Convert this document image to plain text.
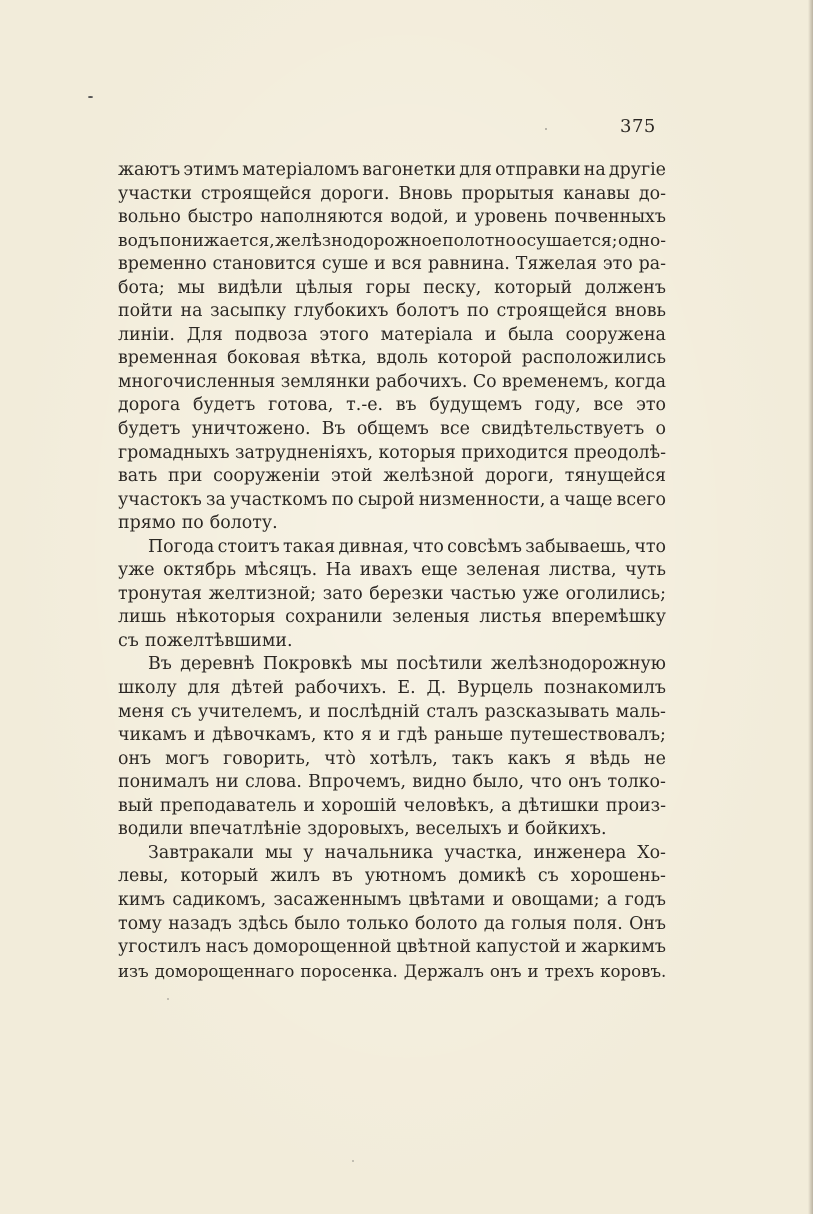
375
жаютъ этимъ матеріаломъ вагонетки для отправки на другіе
участки строящейся дороги. Вновь прорытыя канавы до-
вольно быстро наполняются водой, и уровень почвенныхъ
водъ понижается, желѣзнодорожное полотно осушается; одно-
временно становится суше и вся равнина. Тяжелая это ра-
бота; мы видѣли цѣлыя горы песку, который долженъ
пойти на засыпку глубокихъ болотъ по строящейся вновь
линіи. Для подвоза этого матеріала и была сооружена
временная боковая вѣтка, вдоль которой расположились
многочисленныя землянки рабочихъ. Со временемъ, когда
дорога будетъ готова, т.-е. въ будущемъ году, все это
будетъ уничтожено. Въ общемъ все свидѣтельствуетъ о
громадныхъ затрудненіяхъ, которыя приходится преодолѣ-
вать при сооруженіи этой желѣзной дороги, тянущейся
участокъ за участкомъ по сырой низменности, а чаще всего
прямо по болоту.
Погода стоитъ такая дивная, что совсѣмъ забываешь, что
уже октябрь мѣсяцъ. На ивахъ еще зеленая листва, чуть
тронутая желтизной; зато березки частью уже оголились;
лишь нѣкоторыя сохранили зеленыя листья вперемѣшку
съ пожелтѣвшими.
Въ деревнѣ Покровкѣ мы посѣтили желѣзнодорожную
школу для дѣтей рабочихъ. Е. Д. Вурцель познакомилъ
меня съ учителемъ, и послѣдній сталъ разсказывать маль-
чикамъ и дѣвочкамъ, кто я и гдѣ раньше путешествовалъ;
онъ могъ говорить, что̀ хотѣлъ, такъ какъ я вѣдь не
понималъ ни слова. Впрочемъ, видно было, что онъ толко-
вый преподаватель и хорошій человѣкъ, а дѣтишки произ-
водили впечатлѣніе здоровыхъ, веселыхъ и бойкихъ.
Завтракали мы у начальника участка, инженера Хо-
левы, который жилъ въ уютномъ домикѣ съ хорошень-
кимъ садикомъ, засаженнымъ цвѣтами и овощами; а годъ
тому назадъ здѣсь было только болото да голыя поля. Онъ
угостилъ насъ доморощенной цвѣтной капустой и жаркимъ
изъ доморощеннаго поросенка. Держалъ онъ и трехъ коровъ.
